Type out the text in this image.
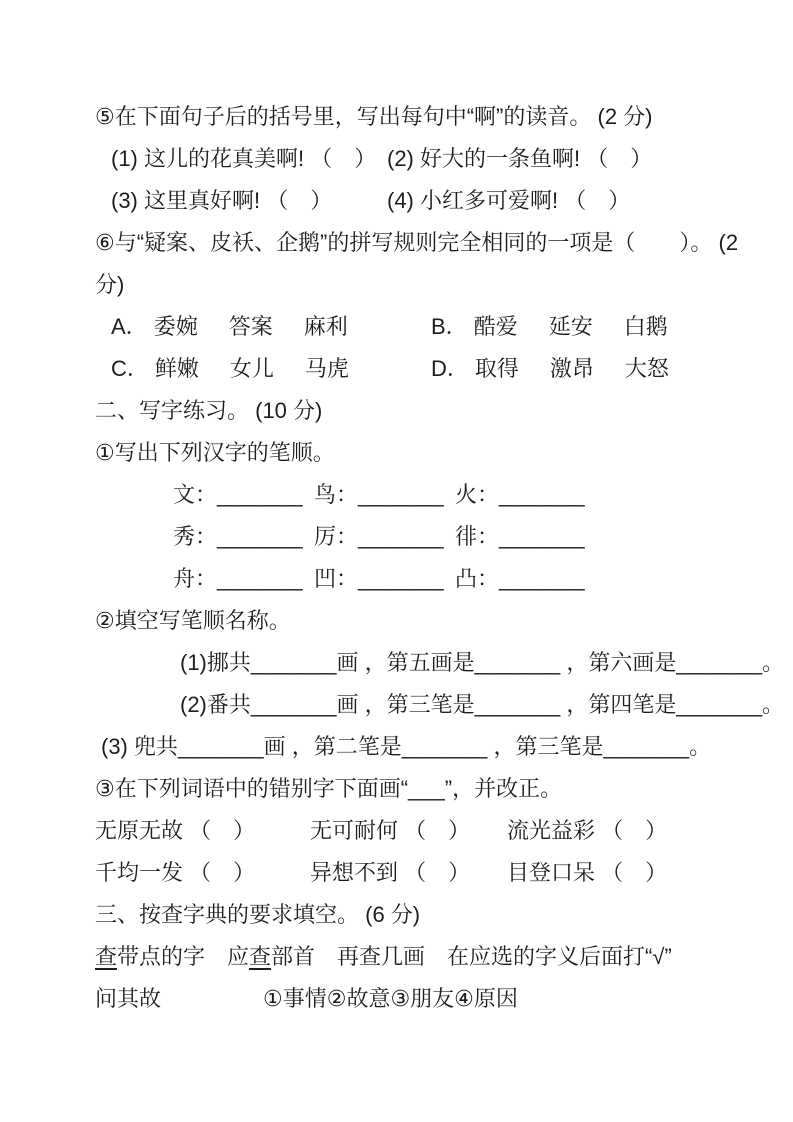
⑤在下面句子后的括号里，写出每句中“啊”的读音。 (2 分)
(1) 这儿的花真美啊! （　） (2) 好大的一条鱼啊! （　）
(3) 这里真好啊! （　）	(4) 小红多可爱啊! （　）
⑥与“疑案、皮袄、企鹅”的拼写规则完全相同的一项是（　　）。 (2
分)
A． 委婉 答案 麻利	B． 酷爱 延安 白鹅
C． 鲜嫩 女儿 马虎	D． 取得 激昂 大怒
二、写字练习。 (10 分)
①写出下列汉字的笔顺。
文：_______ 鸟：_______ 火：_______
秀：_______ 厉：_______ 徘：_______
舟：_______ 凹：_______ 凸：_______
②填空写笔顺名称。
(1)挪共_______画 ，第五画是_______ ，第六画是_______。
(2)番共_______画 ，第三笔是_______ ，第四笔是_______。
(3) 兜共_______画 ，第二笔是_______ ，第三笔是_______。
③在下列词语中的错别字下面画“___”，并改正。
无原无故 （　）	无可耐何 （　）	流光益彩 （　）
千均一发 （　）	异想不到 （　）	目登口呆 （　）
三、按查字典的要求填空。 (6 分)
查带点的字　应查部首　再查几画　在应选的字义后面打“√”
问其故	①事情②故意③朋友④原因
